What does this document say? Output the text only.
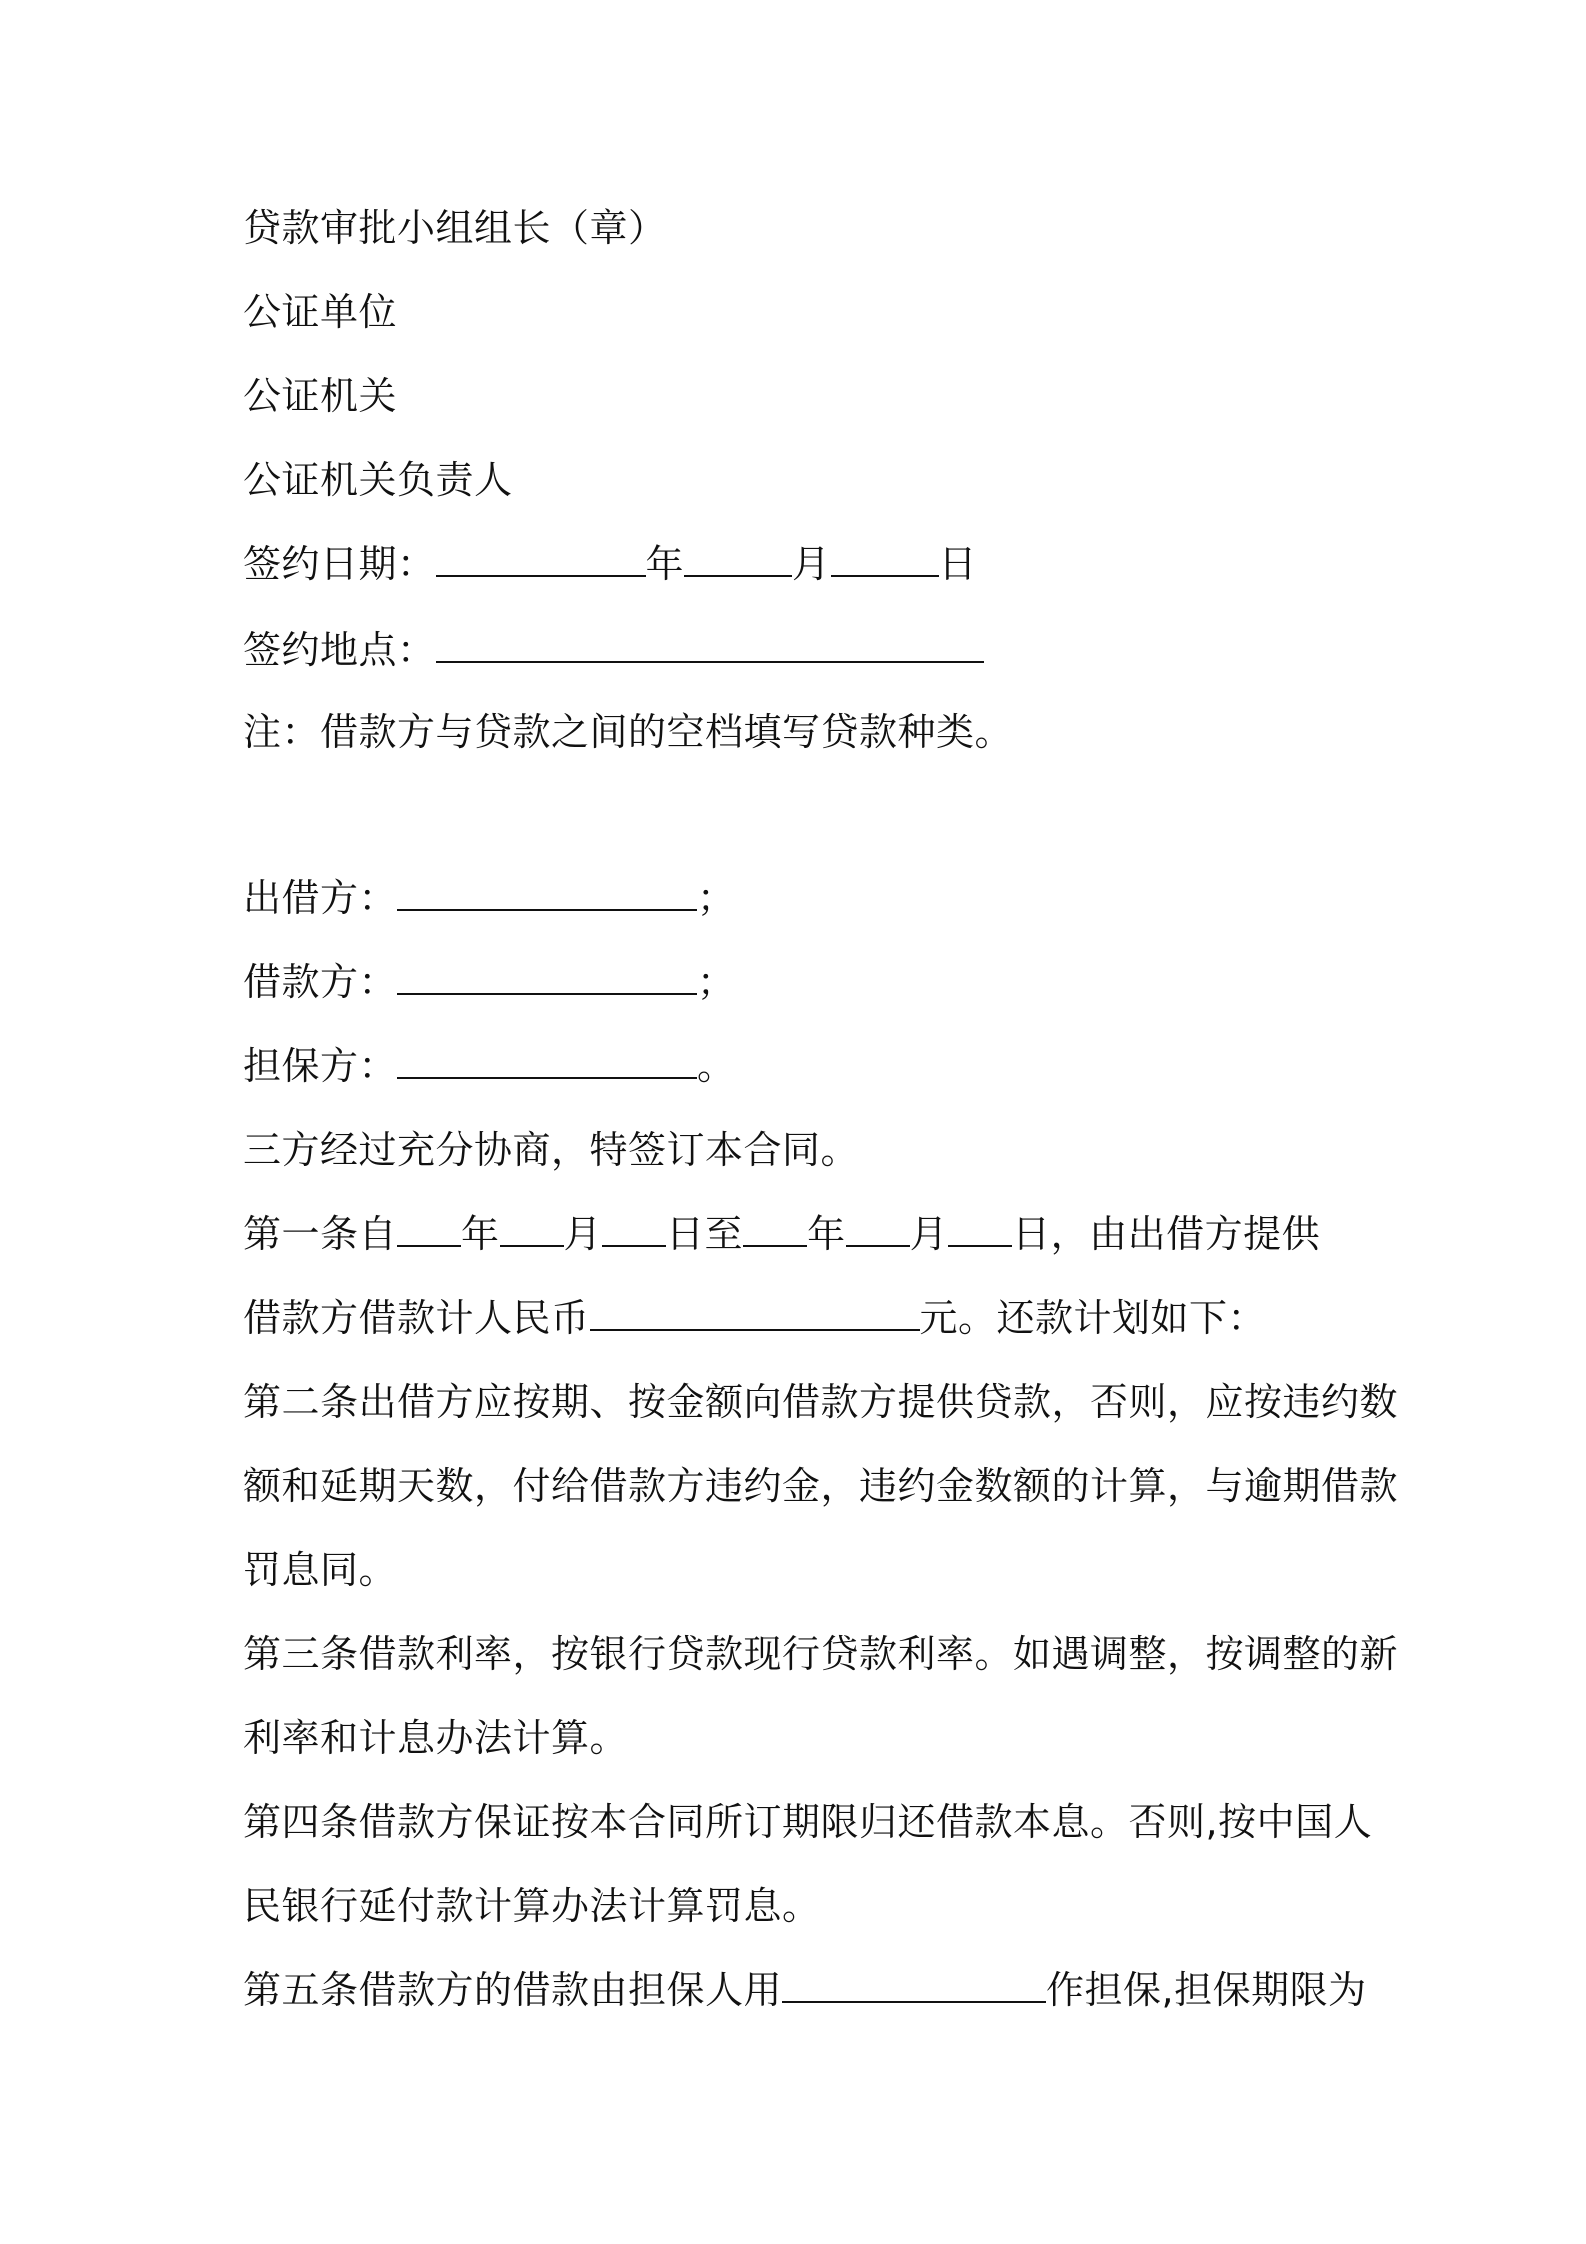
贷款审批小组组长（章）
公证单位
公证机关
公证机关负责人
签约日期：	年	月	日
签约地点：
注：借款方与贷款之间的空档填写贷款种类。
出借方：	；
借款方：	；
担保方：	。
三方经过充分协商，特签订本合同。
第一条自 年 月 日至 年 月 日，由出借方提供
借款方借款计人民币	元。还款计划如下：
第二条出借方应按期、按金额向借款方提供贷款，否则，应按违约数
额和延期天数，付给借款方违约金，违约金数额的计算，与逾期借款
罚息同。
第三条借款利率，按银行贷款现行贷款利率。如遇调整，按调整的新
利率和计息办法计算。
第四条借款方保证按本合同所订期限归还借款本息。否则,按中国人
民银行延付款计算办法计算罚息。
第五条借款方的借款由担保人用	作担保,担保期限为
